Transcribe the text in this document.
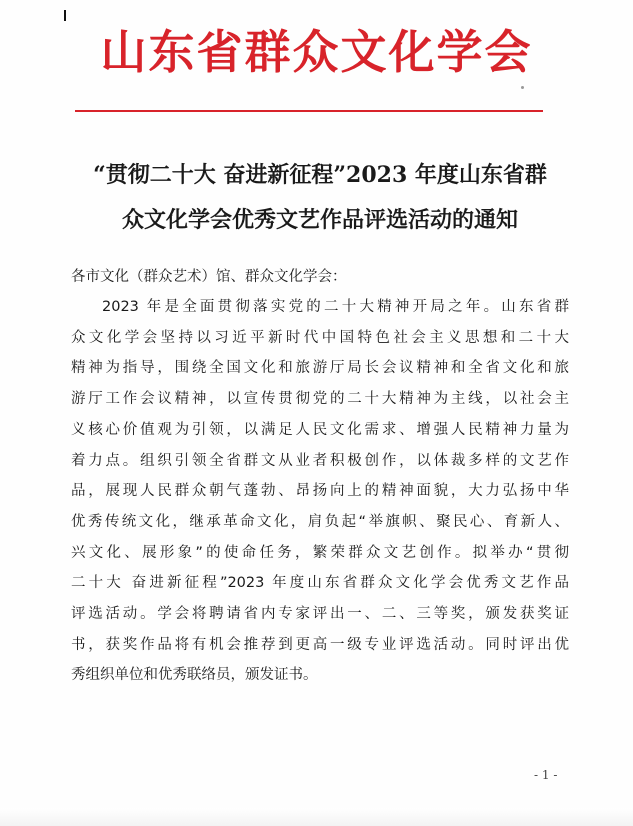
山东省群众文化学会
“贯彻二十大 奋进新征程”2023 年度山东省群
众文化学会优秀文艺作品评选活动的通知
各市文化（群众艺术）馆、群众文化学会：
2023 年是全面贯彻落实党的二十大精神开局之年。山东省群
众文化学会坚持以习近平新时代中国特色社会主义思想和二十大
精神为指导，围绕全国文化和旅游厅局长会议精神和全省文化和旅
游厅工作会议精神，以宣传贯彻党的二十大精神为主线，以社会主
义核心价值观为引领，以满足人民文化需求、增强人民精神力量为
着力点。组织引领全省群文从业者积极创作，以体裁多样的文艺作
品，展现人民群众朝气蓬勃、昂扬向上的精神面貌，大力弘扬中华
优秀传统文化，继承革命文化，肩负起“举旗帜、聚民心、育新人、
兴文化、展形象”的使命任务，繁荣群众文艺创作。拟举办“贯彻
二十大 奋进新征程”2023 年度山东省群众文化学会优秀文艺作品
评选活动。学会将聘请省内专家评出一、二、三等奖，颁发获奖证
书，获奖作品将有机会推荐到更高一级专业评选活动。同时评出优
秀组织单位和优秀联络员，颁发证书。
- 1 -
